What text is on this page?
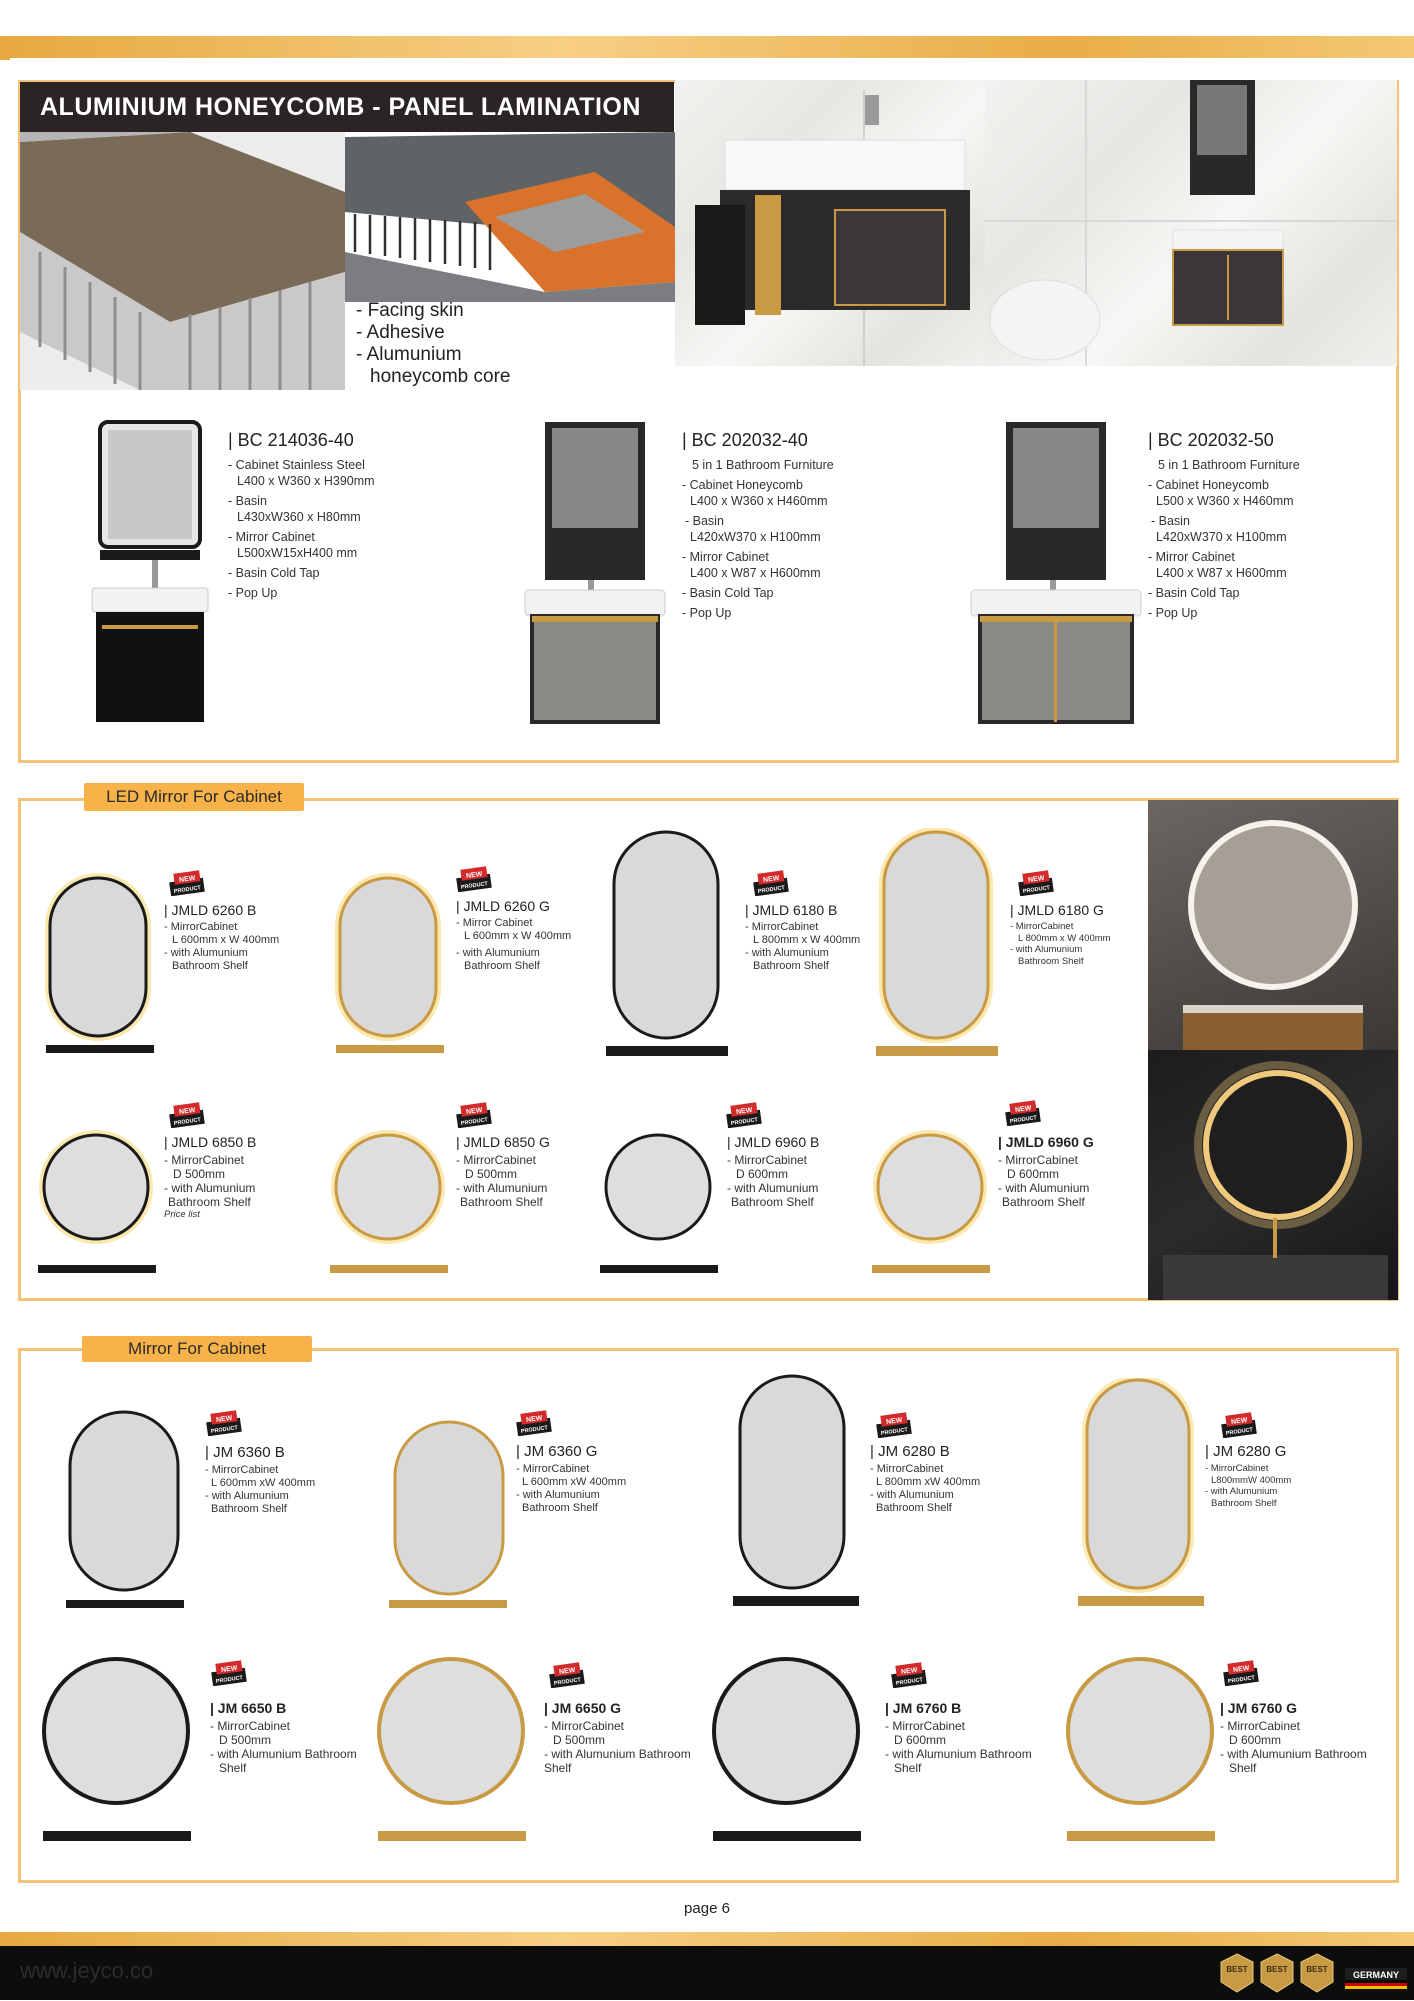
- Facing skin
- Adhesive
- Alumunium
honeycomb core
ALUMINIUM HONEYCOMB - PANEL LAMINATION
| BC 214036-40
- Cabinet Stainless Steel
L400 x W360 x H390mm
- Basin
L430xW360 x H80mm
- Mirror Cabinet
L500xW15xH400 mm
- Basin Cold Tap
- Pop Up
| BC 202032-40
5 in 1 Bathroom Furniture
- Cabinet Honeycomb
L400 x W360 x H460mm
- Basin
L420xW370 x H100mm
- Mirror Cabinet
L400 x W87 x H600mm
- Basin Cold Tap
- Pop Up
| BC 202032-50
5 in 1 Bathroom Furniture
- Cabinet Honeycomb
L500 x W360 x H460mm
- Basin
L420xW370 x H100mm
- Mirror Cabinet
L400 x W87 x H600mm
- Basin Cold Tap
- Pop Up
LED Mirror For Cabinet
NEW
PRODUCT
NEW
PRODUCT
NEW
PRODUCT
NEW
PRODUCT
NEW
PRODUCT
NEW
PRODUCT
NEW
PRODUCT
NEW
PRODUCT
| JMLD 6260 B
- MirrorCabinet
L 600mm x W 400mm
- with Alumunium
Bathroom Shelf
| JMLD 6260 G
- Mirror Cabinet
L 600mm x W 400mm
- with Alumunium
Bathroom Shelf
| JMLD 6180 B
- MirrorCabinet
L 800mm x W 400mm
- with Alumunium
Bathroom Shelf
| JMLD 6180 G
- MirrorCabinet
L 800mm x W 400mm
- with Alumunium
Bathroom Shelf
| JMLD 6850 B
- MirrorCabinet
D 500mm
- with Alumunium
Bathroom Shelf
Price list
| JMLD 6850 G
- MirrorCabinet
D 500mm
- with Alumunium
Bathroom Shelf
| JMLD 6960 B
- MirrorCabinet
D 600mm
- with Alumunium
Bathroom Shelf
| JMLD 6960 G
- MirrorCabinet
D 600mm
- with Alumunium
Bathroom Shelf
Mirror For Cabinet
NEW
PRODUCT
NEW
PRODUCT
NEW
PRODUCT
NEW
PRODUCT
NEW
PRODUCT
NEW
PRODUCT
NEW
PRODUCT
NEW
PRODUCT
| JM 6360 B
- MirrorCabinet
L 600mm xW 400mm
- with Alumunium
Bathroom Shelf
| JM 6360 G
- MirrorCabinet
L 600mm xW 400mm
- with Alumunium
Bathroom Shelf
| JM 6280 B
- MirrorCabinet
L 800mm xW 400mm
- with Alumunium
Bathroom Shelf
| JM 6280 G
- MirrorCabinet
L800mmW 400mm
- with Alumunium
Bathroom Shelf
| JM 6650 B
- MirrorCabinet
D 500mm
- with Alumunium Bathroom
Shelf
| JM 6650 G
- MirrorCabinet
D 500mm
- with Alumunium Bathroom
Shelf
| JM 6760 B
- MirrorCabinet
D 600mm
- with Alumunium Bathroom
Shelf
| JM 6760 G
- MirrorCabinet
D 600mm
- with Alumunium Bathroom
Shelf
page 6
www.jeyco.co	BEST BEST BEST
GERMANY
